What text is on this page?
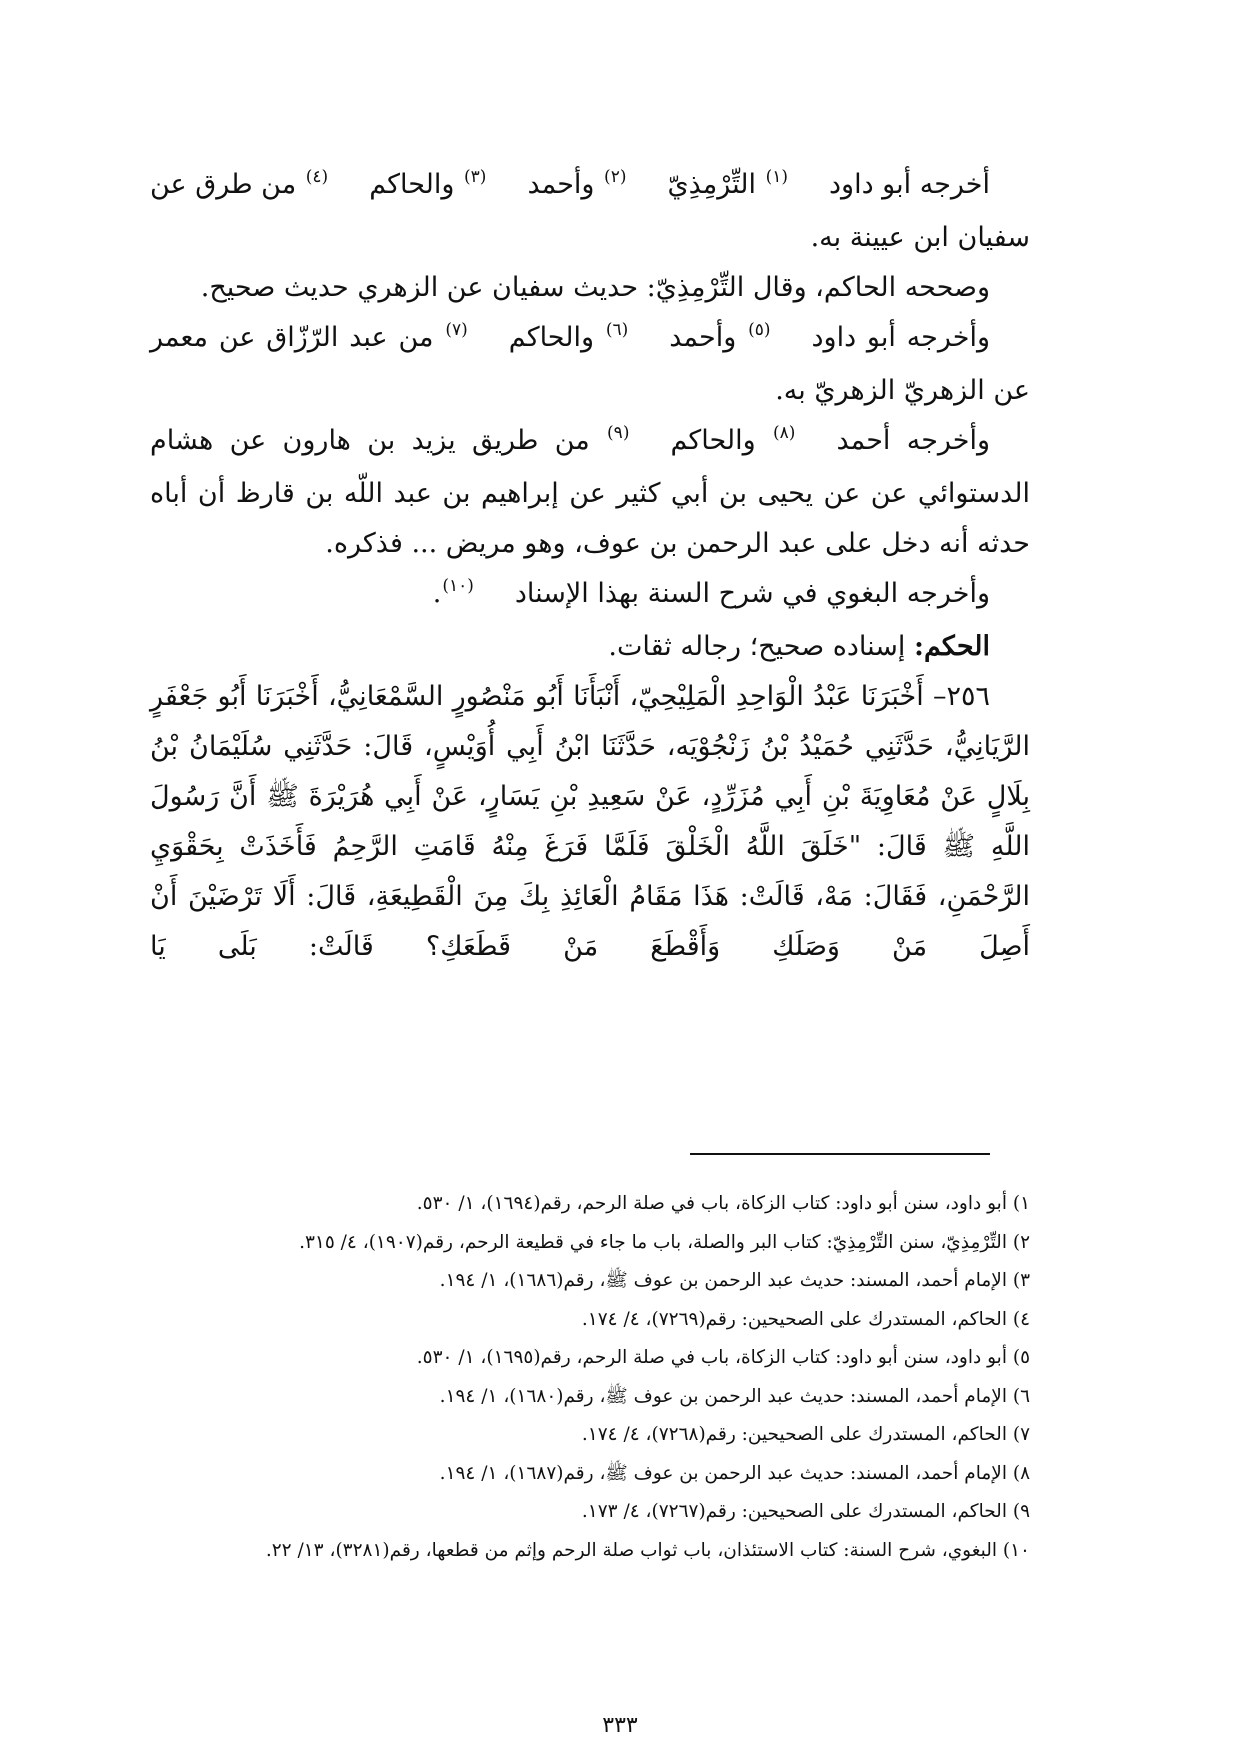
أخرجه أبو داود(١) التِّرْمِذِيّ(٢) وأحمد(٣) والحاكم(٤) من طرق عن سفيان ابن عيينة به.

وصححه الحاكم، وقال التِّرْمِذِيّ: حديث سفيان عن الزهري حديث صحيح.

وأخرجه أبو داود(٥) وأحمد(٦) والحاكم(٧) من عبد الرّزّاق عن معمر عن الزهريّ الزهريّ به.

وأخرجه أحمد(٨) والحاكم(٩) من طريق يزيد بن هارون عن هشام الدستوائي عن عن يحيى بن أبي كثير عن إبراهيم بن عبد اللّه بن قارظ أن أباه حدثه أنه دخل على عبد الرحمن بن عوف، وهو مريض ... فذكره.

وأخرجه البغوي في شرح السنة بهذا الإسناد(١٠).

الحكم: إسناده صحيح؛ رجاله ثقات.

٢٥٦– أَخْبَرَنَا عَبْدُ الْوَاحِدِ الْمَلِيْحِيّ، أَنْبَأَنَا أَبُو مَنْصُورٍ السَّمْعَانِيُّ، أَخْبَرَنَا أَبُو جَعْفَرٍ الرَّيَانِيُّ، حَدَّثَنِي حُمَيْدُ بْنُ زَنْجُوْيَه، حَدَّثَنَا ابْنُ أَبِي أُوَيْسٍ، قَالَ: حَدَّثَنِي سُلَيْمَانُ بْنُ بِلَالٍ عَنْ مُعَاوِيَةَ بْنِ أَبِي مُزَرِّدٍ، عَنْ سَعِيدِ بْنِ يَسَارٍ، عَنْ أَبِي هُرَيْرَةَ ﷺ أَنَّ رَسُولَ اللَّهِ ﷺ قَالَ: "خَلَقَ اللَّهُ الْخَلْقَ فَلَمَّا فَرَغَ مِنْهُ قَامَتِ الرَّحِمُ فَأَخَذَتْ بِحَقْوَيِ الرَّحْمَنِ، فَقَالَ: مَهْ، قَالَتْ: هَذَا مَقَامُ الْعَائِذِ بِكَ مِنَ الْقَطِيعَةِ، قَالَ: أَلَا تَرْضَيْنَ أَنْ أَصِلَ مَنْ وَصَلَكِ وَأَقْطَعَ مَنْ قَطَعَكِ؟ قَالَتْ: بَلَى يَا

١) أبو داود، سنن أبو داود: كتاب الزكاة، باب في صلة الرحم، رقم(١٦٩٤)، ١/ ٥٣٠.

٢) التِّرْمِذِيّ، سنن التِّرْمِذِيّ: كتاب البر والصلة، باب ما جاء في قطيعة الرحم، رقم(١٩٠٧)، ٤/ ٣١٥.

٣) الإمام أحمد، المسند: حديث عبد الرحمن بن عوف ﷺ، رقم(١٦٨٦)، ١/ ١٩٤.

٤) الحاكم، المستدرك على الصحيحين: رقم(٧٢٦٩)، ٤/ ١٧٤.

٥) أبو داود، سنن أبو داود: كتاب الزكاة، باب في صلة الرحم، رقم(١٦٩٥)، ١/ ٥٣٠.

٦) الإمام أحمد، المسند: حديث عبد الرحمن بن عوف ﷺ، رقم(١٦٨٠)، ١/ ١٩٤.

٧) الحاكم، المستدرك على الصحيحين: رقم(٧٢٦٨)، ٤/ ١٧٤.

٨) الإمام أحمد، المسند: حديث عبد الرحمن بن عوف ﷺ، رقم(١٦٨٧)، ١/ ١٩٤.

٩) الحاكم، المستدرك على الصحيحين: رقم(٧٢٦٧)، ٤/ ١٧٣.

١٠) البغوي، شرح السنة: كتاب الاستئذان، باب ثواب صلة الرحم وإثم من قطعها، رقم(٣٢٨١)، ١٣/ ٢٢.

٣٣٣
